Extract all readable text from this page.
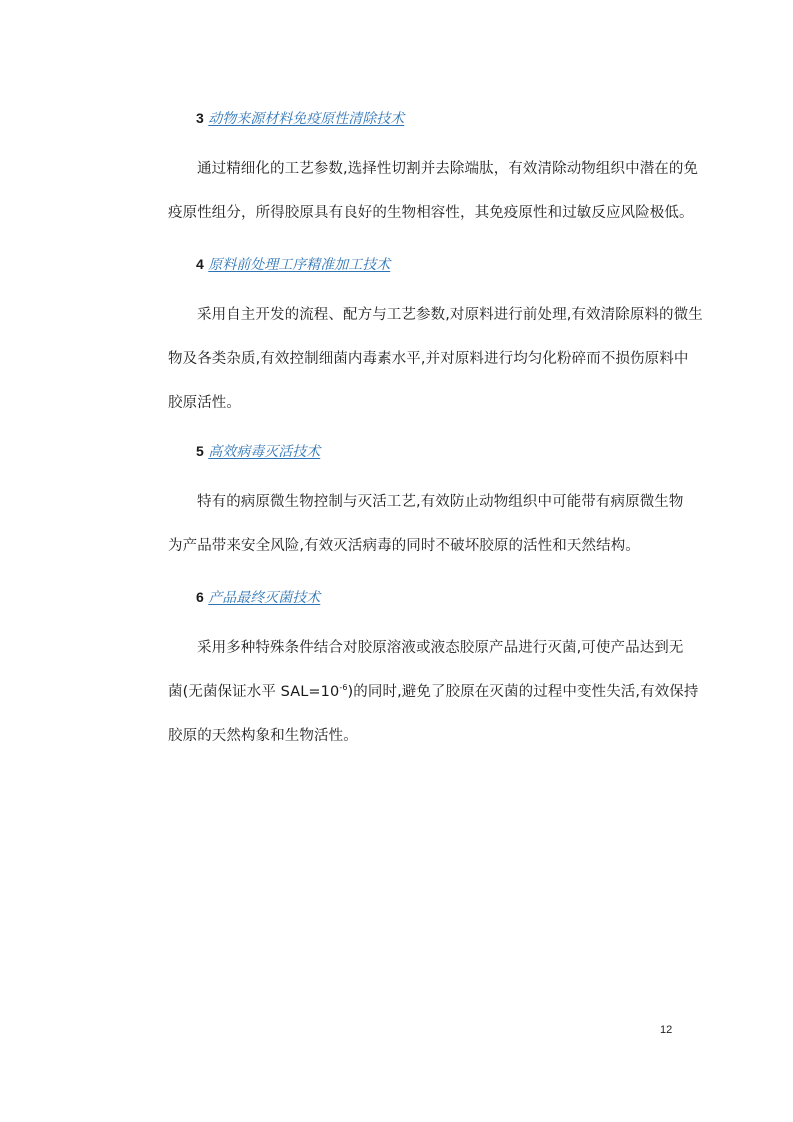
3 动物来源材料免疫原性清除技术
通过精细化的工艺参数,选择性切割并去除端肽，有效清除动物组织中潜在的免
疫原性组分，所得胶原具有良好的生物相容性，其免疫原性和过敏反应风险极低。
4 原料前处理工序精准加工技术
采用自主开发的流程、配方与工艺参数,对原料进行前处理,有效清除原料的微生
物及各类杂质,有效控制细菌内毒素水平,并对原料进行均匀化粉碎而不损伤原料中
胶原活性。
5 高效病毒灭活技术
特有的病原微生物控制与灭活工艺,有效防止动物组织中可能带有病原微生物
为产品带来安全风险,有效灭活病毒的同时不破坏胶原的活性和天然结构。
6 产品最终灭菌技术
采用多种特殊条件结合对胶原溶液或液态胶原产品进行灭菌,可使产品达到无
菌(无菌保证水平 $SAL=10^{-6}$)的同时,避免了胶原在灭菌的过程中变性失活,有效保持
胶原的天然构象和生物活性。
12
